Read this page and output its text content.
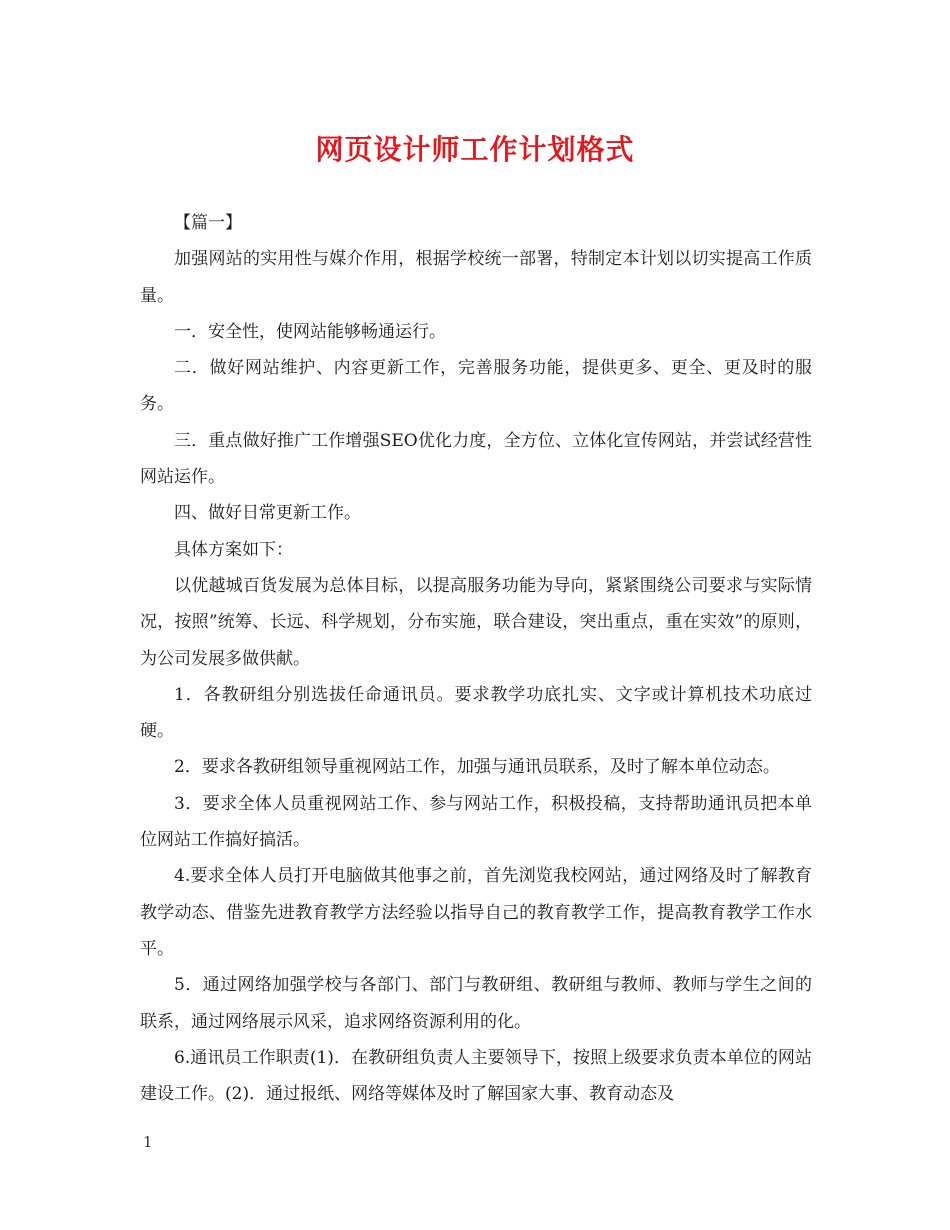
网页设计师工作计划格式

【篇一】

加强网站的实用性与媒介作用，根据学校统一部署，特制定本计划以切实提高工作质量。

一．安全性，使网站能够畅通运行。

二．做好网站维护、内容更新工作，完善服务功能，提供更多、更全、更及时的服务。

三．重点做好推广工作增强SEO优化力度，全方位、立体化宣传网站，并尝试经营性网站运作。

四、做好日常更新工作。

具体方案如下：

以优越城百货发展为总体目标，以提高服务功能为导向，紧紧围绕公司要求与实际情况，按照”统筹、长远、科学规划，分布实施，联合建设，突出重点，重在实效”的原则，为公司发展多做供献。

1．各教研组分别选拔任命通讯员。要求教学功底扎实、文字或计算机技术功底过硬。

2．要求各教研组领导重视网站工作，加强与通讯员联系，及时了解本单位动态。

3．要求全体人员重视网站工作、参与网站工作，积极投稿，支持帮助通讯员把本单位网站工作搞好搞活。

4.要求全体人员打开电脑做其他事之前，首先浏览我校网站，通过网络及时了解教育教学动态、借鉴先进教育教学方法经验以指导自己的教育教学工作，提高教育教学工作水平。

5．通过网络加强学校与各部门、部门与教研组、教研组与教师、教师与学生之间的联系，通过网络展示风采，追求网络资源利用的化。

6.通讯员工作职责(1)．在教研组负责人主要领导下，按照上级要求负责本单位的网站建设工作。(2)．通过报纸、网络等媒体及时了解国家大事、教育动态及

1
